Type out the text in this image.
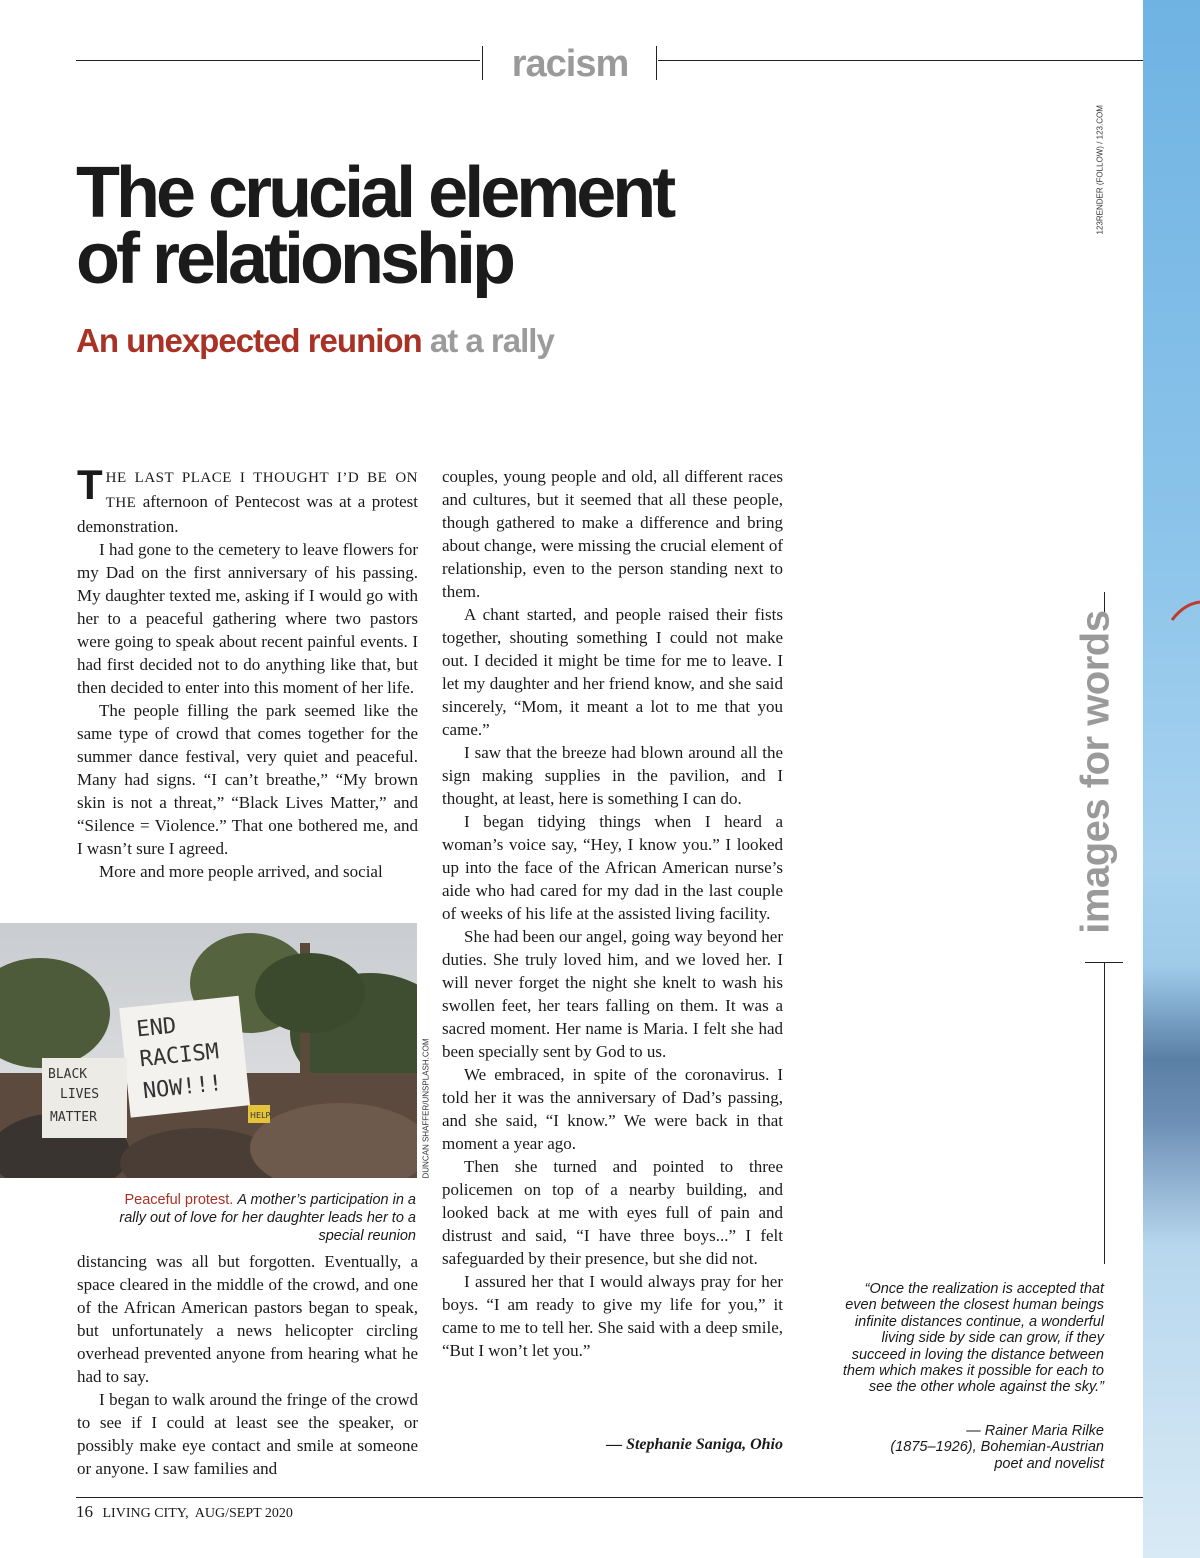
racism
123RENDER (FOLLOW) / 123.COM
The crucial element
of relationship
An unexpected reunion at a rally

THE LAST PLACE I THOUGHT I’D BE ON THE afternoon of Pentecost was at a protest demonstration.

I had gone to the cemetery to leave flowers for my Dad on the first anniversary of his passing. My daughter texted me, asking if I would go with her to a peaceful gathering where two pastors were going to speak about recent painful events. I had first decided not to do anything like that, but then decided to enter into this moment of her life.

The people filling the park seemed like the same type of crowd that comes together for the summer dance festival, very quiet and peaceful. Many had signs. “I can’t breathe,” “My brown skin is not a threat,” “Black Lives Matter,” and “Silence = Violence.” That one bothered me, and I wasn’t sure I agreed.

More and more people arrived, and social

END
RACISM
NOW!!!
BLACK
LIVES
MATTER	HELP	DUNCAN SHAFFER/UNSPLASH.COM
Peaceful protest. A mother’s participation in a rally out of love for her daughter leads her to a special reunion

distancing was all but forgotten. Eventually, a space cleared in the middle of the crowd, and one of the African American pastors began to speak, but unfortunately a news helicopter circling overhead prevented anyone from hearing what he had to say.

I began to walk around the fringe of the crowd to see if I could at least see the speaker, or possibly make eye contact and smile at someone or anyone. I saw families and

couples, young people and old, all different races and cultures, but it seemed that all these people, though gathered to make a difference and bring about change, were missing the crucial element of relationship, even to the person standing next to them.

A chant started, and people raised their fists together, shouting something I could not make out. I decided it might be time for me to leave. I let my daughter and her friend know, and she said sincerely, “Mom, it meant a lot to me that you came.”

I saw that the breeze had blown around all the sign making supplies in the pavilion, and I thought, at least, here is something I can do.

I began tidying things when I heard a woman’s voice say, “Hey, I know you.” I looked up into the face of the African American nurse’s aide who had cared for my dad in the last couple of weeks of his life at the assisted living facility.

She had been our angel, going way beyond her duties. She truly loved him, and we loved her. I will never forget the night she knelt to wash his swollen feet, her tears falling on them. It was a sacred moment. Her name is Maria. I felt she had been specially sent by God to us.

We embraced, in spite of the coronavirus. I told her it was the anniversary of Dad’s passing, and she said, “I know.” We were back in that moment a year ago.

Then she turned and pointed to three policemen on top of a nearby building, and looked back at me with eyes full of pain and distrust and said, “I have three boys...” I felt safeguarded by their presence, but she did not.

I assured her that I would always pray for her boys. “I am ready to give my life for you,” it came to me to tell her. She said with a deep smile, “But I won’t let you.”

— Stephanie Saniga, Ohio
images for words
“Once the realization is accepted that even between the closest human beings infinite distances continue, a wonderful living side by side can grow, if they succeed in loving the distance between them which makes it possible for each to see the other whole against the sky.”
— Rainer Maria Rilke
(1875–1926), Bohemian-Austrian
poet and novelist
16 LIVING CITY,  AUG/SEPT 2020
